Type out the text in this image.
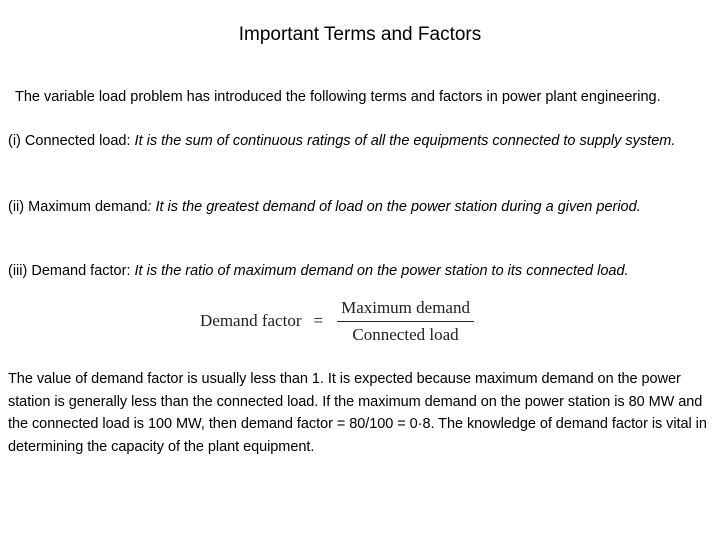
Important Terms and Factors

The variable load problem has introduced the following terms and factors in power plant engineering.

(i) Connected load: It is the sum of continuous ratings of all the equipments connected to supply system.

(ii) Maximum demand: It is the greatest demand of load on the power station during a given period.

(iii) Demand factor: It is the ratio of maximum demand on the power station to its connected load.

Demand factor = $\frac{\text{Maximum demand}}{\text{Connected load}}$

The value of demand factor is usually less than 1. It is expected because maximum demand on the power station is generally less than the connected load. If the maximum demand on the power station is 80 MW and the connected load is 100 MW, then demand factor = 80/100 = 0·8. The knowledge of demand factor is vital in determining the capacity of the plant equipment.
